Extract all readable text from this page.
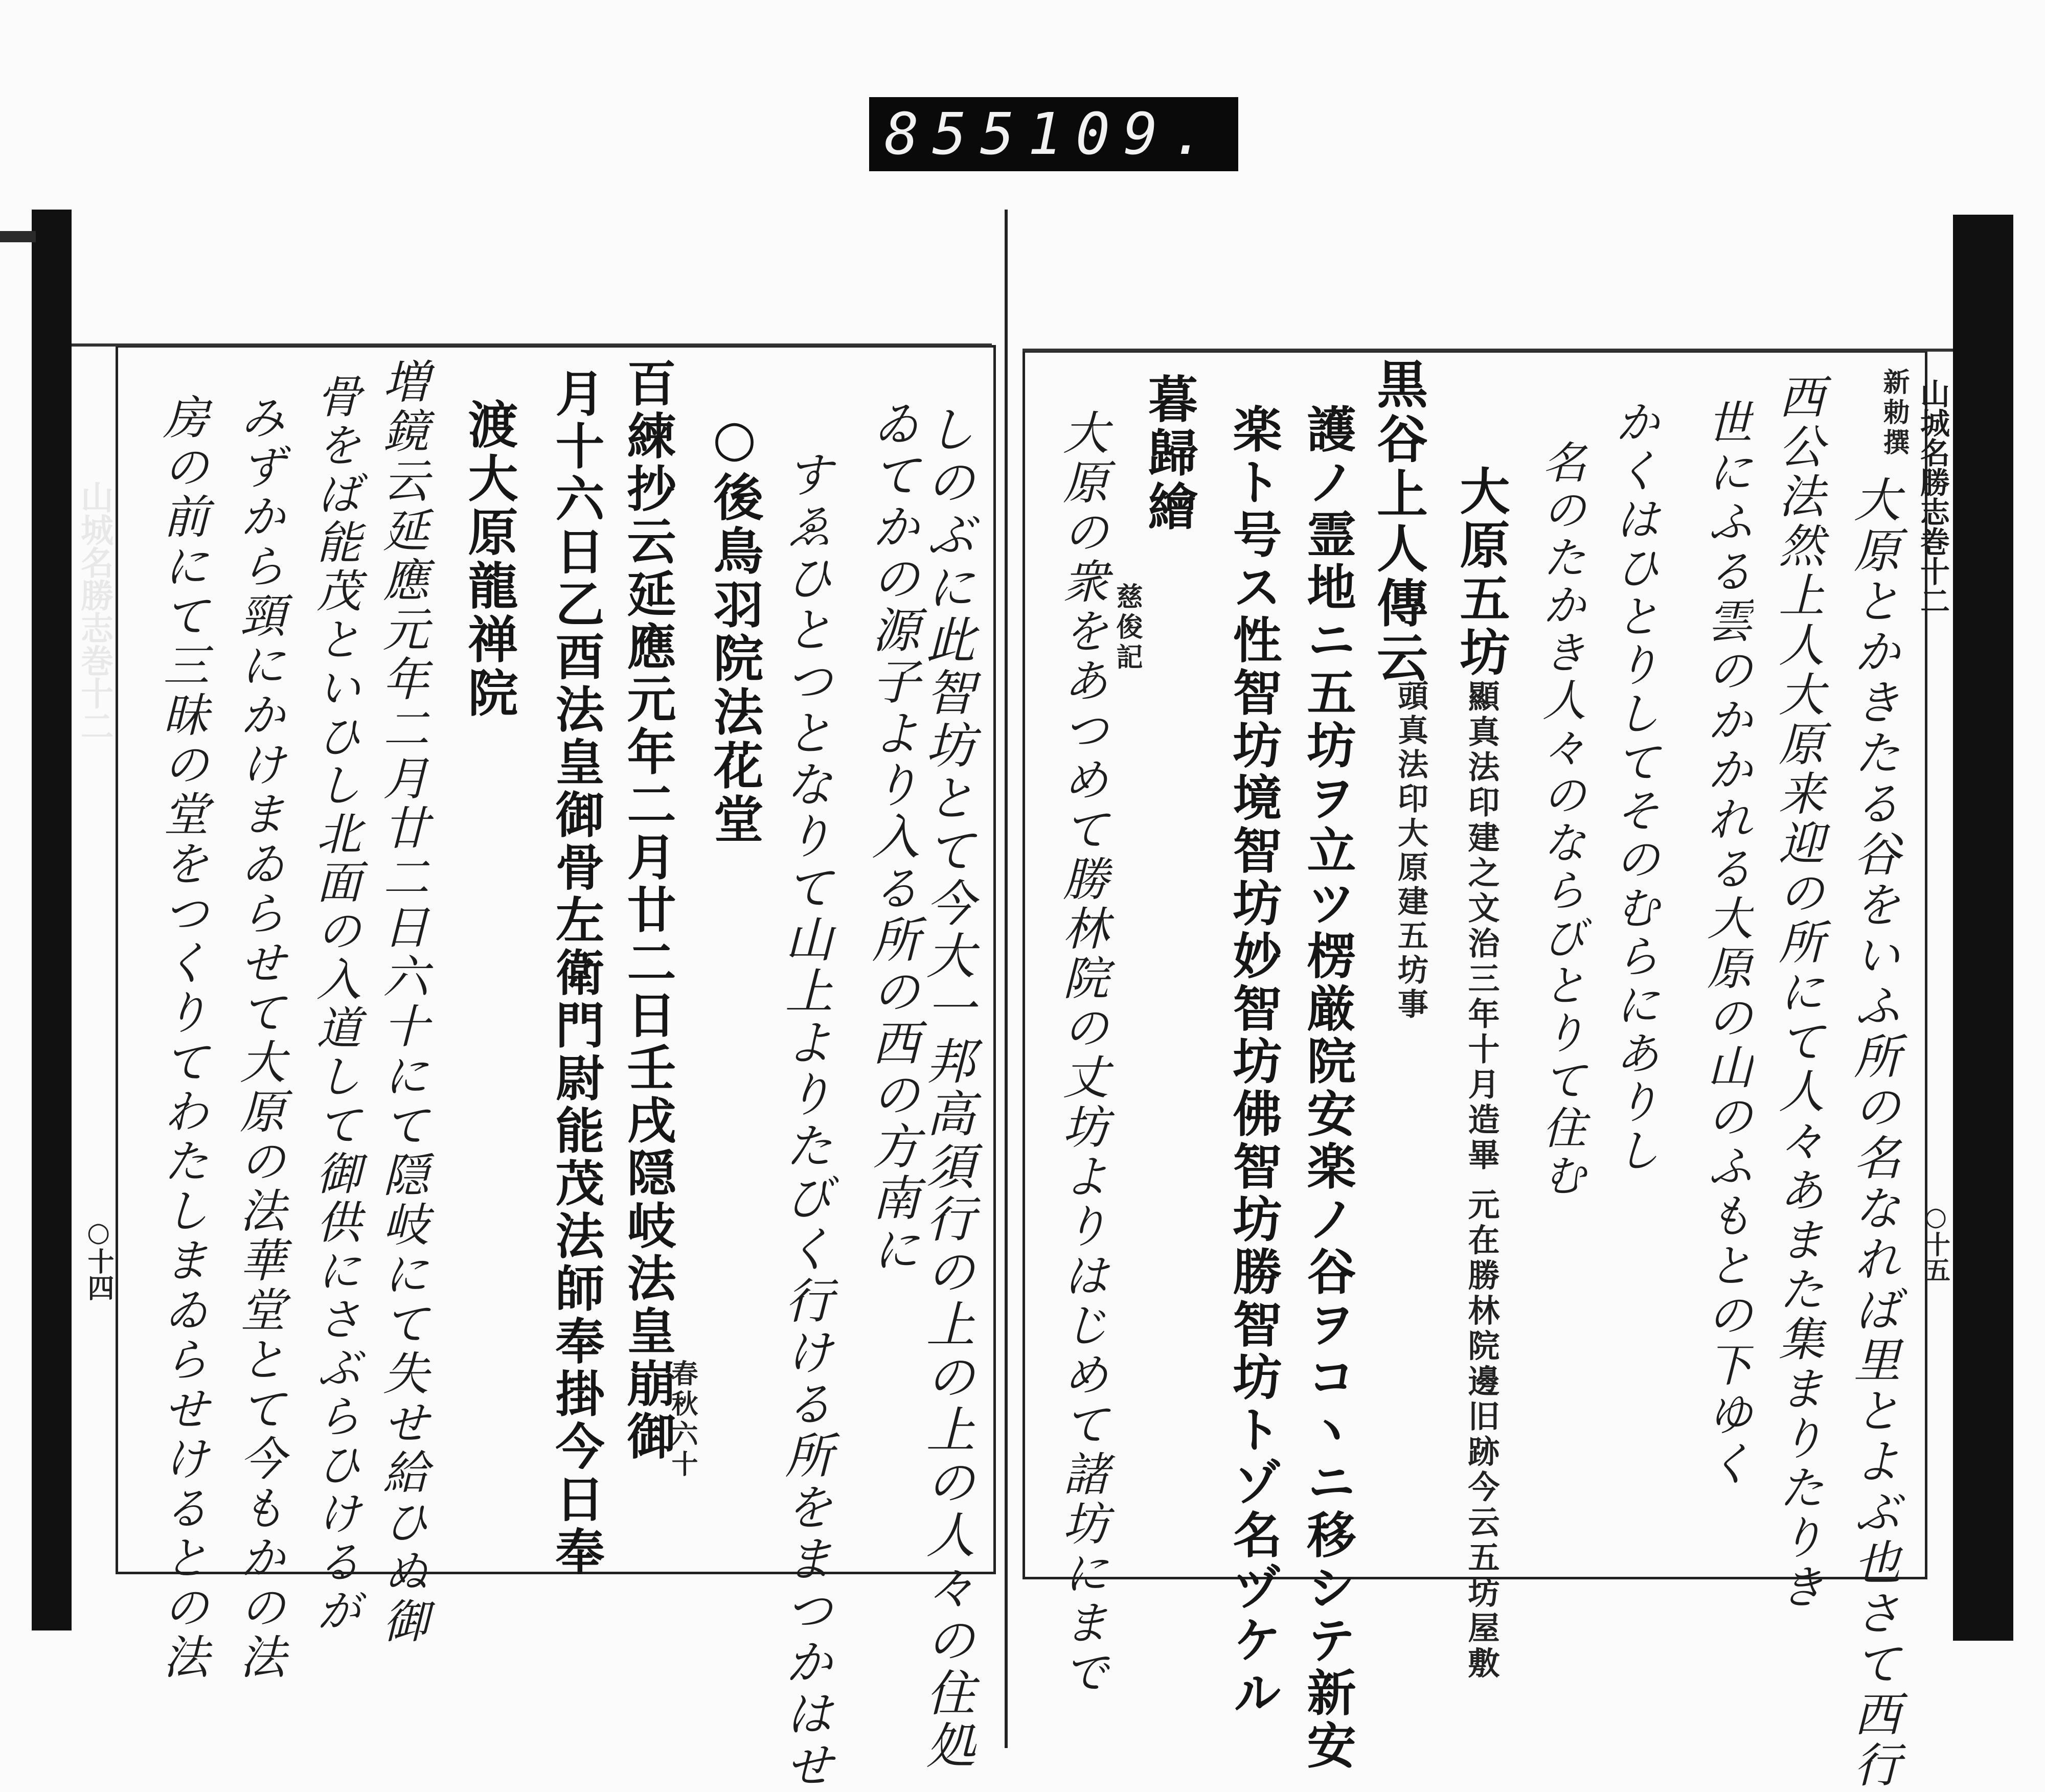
855 109.
山城名勝志巻十二
○十四
山城名勝志巻十二
○十五
しのぶに此智坊とて今大一邦高須行の上の上の人々の住処
ゐてかの源子より入る所の西の方南に
すゑひとつとなりて山上よりたびく行ける所をまつかはせ
○後鳥羽院法花堂
百練抄云延應元年二月廿二日壬戌隠岐法皇崩御
春秋六十
月十六日乙酉法皇御骨左衛門尉能茂法師奉掛今日奉
渡大原龍禅院
増鏡云延應元年二月廿二日六十にて隠岐にて失せ給ひぬ御
骨をば能茂といひし北面の入道して御供にさぶらひけるが
みずから頸にかけまゐらせて大原の法華堂とて今もかの法
房の前にて三昧の堂をつくりてわたしまゐらせけるとの法	新勅撰
大原とかきたる谷をいふ所の名なれば里とよぶ也さて西行
西公法然上人大原来迎の所にて人々あまた集まりたりき
世にふる雲のかかれる大原の山のふもとの下ゆく
かくはひとりしてそのむらにありし
名のたかき人々のならびとりて住む
大原五坊
顯真法印建之文治三年十月造畢 元在勝林院邊旧跡今云五坊屋敷
黒谷上人傳云
頭真法印大原建五坊事
護ノ霊地ニ五坊ヲ立ツ楞厳院安楽ノ谷ヲコヽニ移シテ新安
楽ト号ス性智坊境智坊妙智坊佛智坊勝智坊トゾ名ヅケル
暮歸繪
慈俊記
大原の衆をあつめて勝林院の丈坊よりはじめて諸坊にまで
